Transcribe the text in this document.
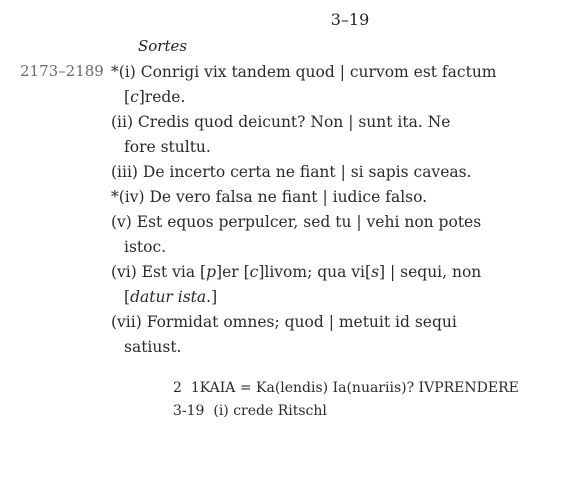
3–19
Sortes
2173–2189 *(i) Conrigi vix tandem quod | curvom est factum
[c]rede.
(ii) Credis quod deicunt? Non | sunt ita. Ne
fore stultu.
(iii) De incerto certa ne fiant | si sapis caveas.
*(iv) De vero falsa ne fiant | iudice falso.
(v) Est equos perpulcer, sed tu | vehi non potes
istoc.
(vi) Est via [p]er [c]livom; qua vi[s] | sequi, non
[datur ista.]
(vii) Formidat omnes; quod | metuit id sequi
satiust.
2 1KAIA = Ka(lendis) Ia(nuariis)? IVPRENDERE
3-19 (i) crede Ritschl
